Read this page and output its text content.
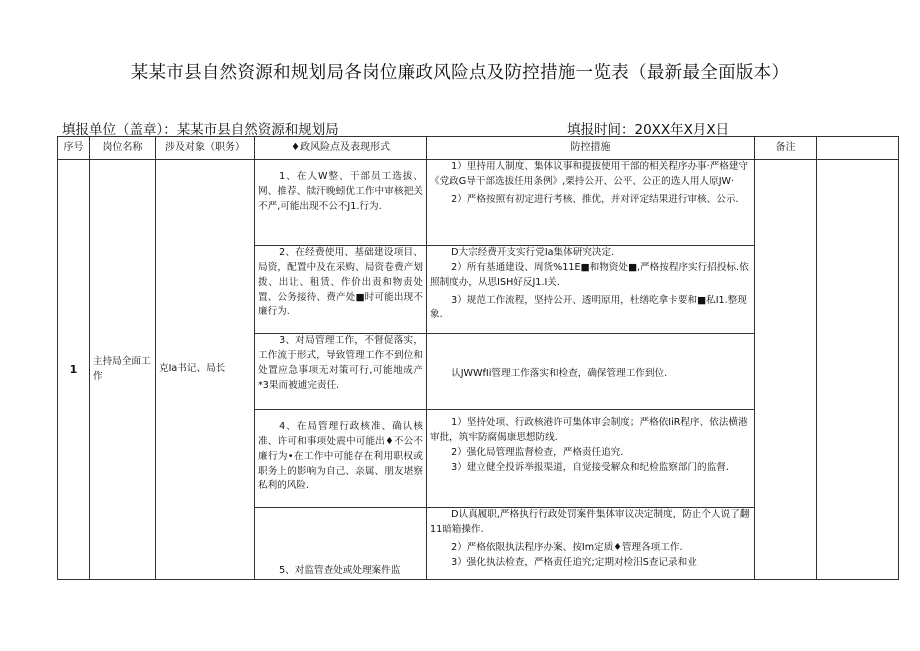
某某市县自然资源和规划局各岗位廉政风险点及防控措施一览表（最新最全面版本）
填报单位（盖章）：某某市县自然资源和规划局	填报时间：20XX年X月X日
序号	岗位名称	涉及对象（职务）	♦政风险点及表现形式	防控措施	备注	
1	主持局全面工作	克Ia书记、局长	1、在人W整、干部员工选拔、网、推荐、牍汗晚蚓优工作中审核把关不严,可能出现不公不J1.行为.	1）里持用人制度、集体议事和提拔使用干部的相关程序办事·严格建守《党政G导干部选拔任用条例》,栗持公开、公平、公正的选人用人原JW·
2）严格按照有初定进行考核、推优，并对评定结果进行审核、公示.		

			2、在经费使用、基础建设项目、局资，配置中及在采购、局资卷费产划拨、出让、租赁、作价出责和物责处置、公务接待、费产处■时可能出现不廉行为.	D大宗经费开支实行党Ia集体研究决定.
2）所有基通建设、周货%11E■和物资处■,严格按程序实行招投标.依照制度办，从思ISH好反J1.I关.
3）规范工作流程，坚持公开、透明原用，杜缮吃拿卡要和■私I1.整现象.		

			3、对局管理工作，不督促落实，工作流于形式，导致管理工作不到位和处置应急事项无对策可行,可能地成产*3果而被逋完责任.	认JWWfIi管理工作落实和检查，确保管理工作到位.		

			4、在局管理行政核准、确认核准、许可和事项处震中可能出♦不公不廉行为•在工作中可能存在利用职权或职务上的影响为自己、亲属、朋友堪察私利的风险.	1）坚持处项、行政核港许可集体审会制度；严格依IiR程序、依法横港审批，筑牢防腐偈康思想防线.
2）强化局管理监督检查，严格责任追究.
3）建立健全投诉举报渠道，自觉接受解众和纪检监察部门的监督.		

			5、对监管查处或处理案件监	D认真履职,严格执行行政处罚案件集体审议决定制度，防止个人说了翻11暗箱操作.
2）严格依限执法程序办案、按Im定质♦管理各项工作.
3）强化执法检查，严格责任追究;定期对检汨S查记录和业		
